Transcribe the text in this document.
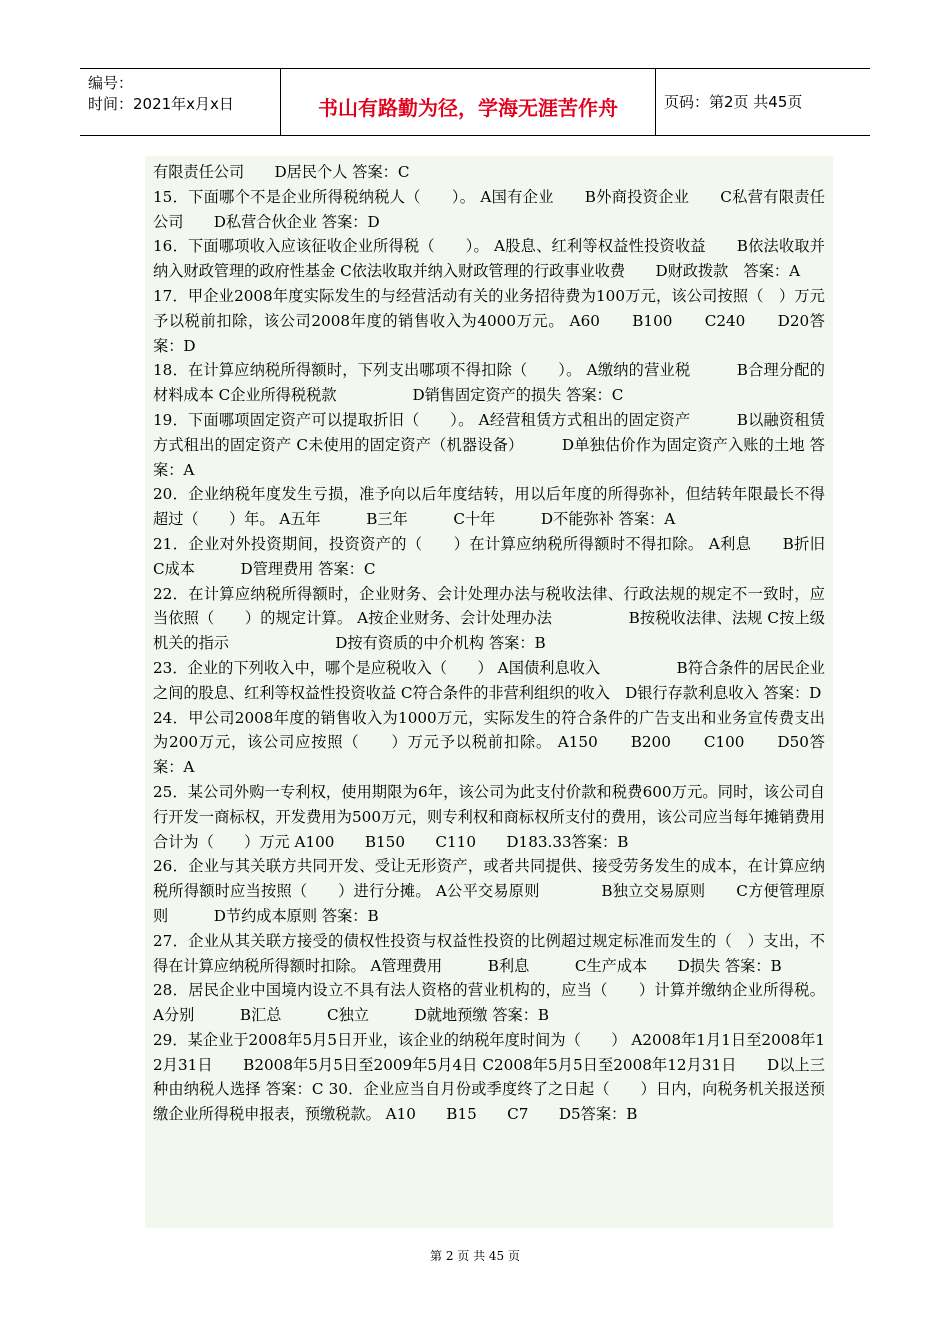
编号：
时间：2021年x月x日	书山有路勤为径，学海无涯苦作舟	页码：第2页 共45页

有限责任公司　　D居民个人 答案：C

15．下面哪个不是企业所得税纳税人（　　）。 A国有企业　　B外商投资企业　　C私营有限责任公司　　D私营合伙企业 答案：D

16．下面哪项收入应该征收企业所得税（　　）。 A股息、红利等权益性投资收益　　B依法收取并纳入财政管理的政府性基金 C依法收取并纳入财政管理的行政事业收费　　D财政拨款　答案：A

17．甲企业2008年度实际发生的与经营活动有关的业务招待费为100万元，该公司按照（　）万元予以税前扣除，该公司2008年度的销售收入为4000万元。 A60　　B100　　C240　　D20答案：D

18．在计算应纳税所得额时，下列支出哪项不得扣除（　　）。 A缴纳的营业税　　　B合理分配的材料成本 C企业所得税税款　　　　　D销售固定资产的损失 答案：C

19．下面哪项固定资产可以提取折旧（　　）。 A经营租赁方式租出的固定资产　　　B以融资租赁方式租出的固定资产 C未使用的固定资产（机器设备）　　　D单独估价作为固定资产入账的土地 答案：A

20．企业纳税年度发生亏损，准予向以后年度结转，用以后年度的所得弥补，但结转年限最长不得超过（　　）年。 A五年　　　B三年　　　C十年　　　D不能弥补 答案：A

21．企业对外投资期间，投资资产的（　　）在计算应纳税所得额时不得扣除。 A利息　　B折旧　　　C成本　　　D管理费用 答案：C

22．在计算应纳税所得额时，企业财务、会计处理办法与税收法律、行政法规的规定不一致时，应当依照（　　）的规定计算。 A按企业财务、会计处理办法　　　　　B按税收法律、法规 C按上级机关的指示　　　　　　　D按有资质的中介机构 答案：B

23．企业的下列收入中，哪个是应税收入（　　） A国债利息收入　　　　　B符合条件的居民企业之间的股息、红利等权益性投资收益 C符合条件的非营利组织的收入　D银行存款利息收入 答案：D

24．甲公司2008年度的销售收入为1000万元，实际发生的符合条件的广告支出和业务宣传费支出为200万元，该公司应按照（　　）万元予以税前扣除。 A150　　B200　　C100　　D50答案：A

25．某公司外购一专利权，使用期限为6年，该公司为此支付价款和税费600万元。同时，该公司自行开发一商标权，开发费用为500万元，则专利权和商标权所支付的费用，该公司应当每年摊销费用合计为（　　）万元 A100　　B150　　C110　　D183.33答案：B

26．企业与其关联方共同开发、受让无形资产，或者共同提供、接受劳务发生的成本，在计算应纳税所得额时应当按照（　　）进行分摊。 A公平交易原则　　　　B独立交易原则　　C方便管理原则　　　D节约成本原则 答案：B

27．企业从其关联方接受的债权性投资与权益性投资的比例超过规定标准而发生的（　）支出，不得在计算应纳税所得额时扣除。 A管理费用　　　B利息　　　C生产成本　　D损失 答案：B

28．居民企业中国境内设立不具有法人资格的营业机构的，应当（　　）计算并缴纳企业所得税。 A分别　　　B汇总　　　C独立　　　D就地预缴 答案：B

29．某企业于2008年5月5日开业，该企业的纳税年度时间为（　　） A2008年1月1日至2008年12月31日　　B2008年5月5日至2009年5月4日 C2008年5月5日至2008年12月31日　　D以上三种由纳税人选择 答案：C 30．企业应当自月份或季度终了之日起（　　）日内，向税务机关报送预缴企业所得税申报表，预缴税款。 A10　　B15　　C7　　D5答案：B

第 2 页 共 45 页
